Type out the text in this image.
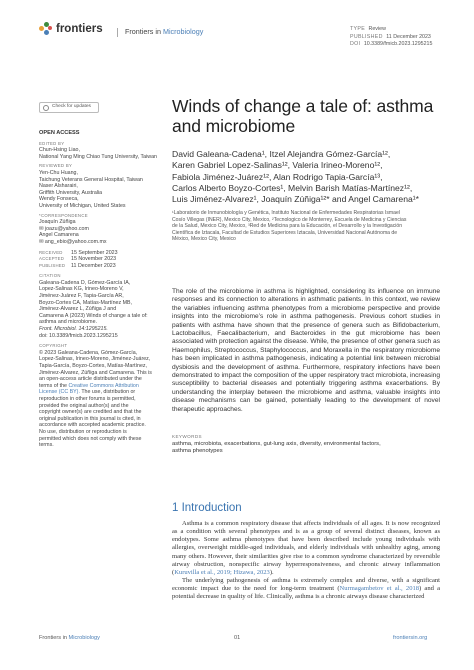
frontiers	Frontiers in Microbiology	TYPE Review
PUBLISHED 11 December 2023
DOI 10.3389/fmicb.2023.1295215
Check for updates
OPEN ACCESS
EDITED BY
Chun-Hsing Liao,
National Yang Ming Chiao Tung University, Taiwan
REVIEWED BY
Yen-Chu Huang,
Taichung Veterans General Hospital, Taiwan
Naser Alsharairi,
Griffith University, Australia
Wendy Fonseca,
University of Michigan, United States
*CORRESPONDENCE
Joaquín Zúñiga
✉ joazu@yahoo.com
Angel Camarena
✉ ang_ebio@yahoo.com.mx
RECEIVED	15 September 2023
ACCEPTED	15 November 2023
PUBLISHED	11 December 2023
CITATION
Galeana-Cadena D, Gómez-García IA,
Lopez-Salinas KG, Irineo-Moreno V,
Jiménez-Juárez F, Tapia-García AR,
Boyzo-Cortes CA, Matías-Martínez MB,
Jiménez-Alvarez L, Zúñiga J and
Camarena A (2023) Winds of change a tale of:
asthma and microbiome.
Front. Microbiol. 14:1295215.
doi: 10.3389/fmicb.2023.1295215
COPYRIGHT
© 2023 Galeana-Cadena, Gómez-García,
Lopez-Salinas, Irineo-Moreno, Jiménez-Juárez,
Tapia-García, Boyzo-Cortes, Matías-Martínez,
Jiménez-Alvarez, Zúñiga and Camarena. This is
an open-access article distributed under the
terms of the Creative Commons Attribution
License (CC BY). The use, distribution or
reproduction in other forums is permitted,
provided the original author(s) and the
copyright owner(s) are credited and that the
original publication in this journal is cited, in
accordance with accepted academic practice.
No use, distribution or reproduction is
permitted which does not comply with these
terms.
Winds of change a tale of: asthma
and microbiome
David Galeana-Cadena¹, Itzel Alejandra Gómez-García¹²,
Karen Gabriel Lopez-Salinas¹², Valeria Irineo-Moreno¹²,
Fabiola Jiménez-Juárez¹², Alan Rodrigo Tapia-García¹³,
Carlos Alberto Boyzo-Cortes¹, Melvin Barish Matías-Martínez¹²,
Luis Jiménez-Alvarez¹, Joaquín Zúñiga¹²* and Angel Camarena¹*
¹Laboratorio de Inmunobiología y Genética, Instituto Nacional de Enfermedades Respiratorias Ismael
Cosío Villegas (INER), Mexico City, Mexico, ²Tecnologico de Monterrey, Escuela de Medicina y Ciencias
de la Salud, Mexico City, Mexico, ³Red de Medicina para la Educación, el Desarrollo y la Investigación
Científica de Iztacala, Facultad de Estudios Superiores Iztacala, Universidad Nacional Autónoma de
México, Mexico City, Mexico
The role of the microbiome in asthma is highlighted, considering its influence on immune responses and its connection to alterations in asthmatic patients. In this context, we review the variables influencing asthma phenotypes from a microbiome perspective and provide insights into the microbiome’s role in asthma pathogenesis. Previous cohort studies in patients with asthma have shown that the presence of genera such as Bifidobacterium, Lactobacillus, Faecalibacterium, and Bacteroides in the gut microbiome has been associated with protection against the disease. While, the presence of other genera such as Haemophilus, Streptococcus, Staphylococcus, and Moraxella in the respiratory microbiome has been implicated in asthma pathogenesis, indicating a potential link between microbial dysbiosis and the development of asthma. Furthermore, respiratory infections have been demonstrated to impact the composition of the upper respiratory tract microbiota, increasing susceptibility to bacterial diseases and potentially triggering asthma exacerbations. By understanding the interplay between the microbiome and asthma, valuable insights into disease mechanisms can be gained, potentially leading to the development of novel therapeutic approaches.
KEYWORDS
asthma, microbiota, exacerbations, gut-lung axis, diversity, environmental factors,
asthma phenotypes
1 Introduction

Asthma is a common respiratory disease that affects individuals of all ages. It is now recognized as a condition with several phenotypes and is as a group of several distinct diseases, known as endotypes. Some asthma phenotypes that have been described include young individuals with allergies, overweight middle-aged individuals, and elderly individuals with unhealthy aging, among many others. However, their similarities give rise to a common syndrome characterized by reversible airway obstruction, nonspecific airway hyperresponsiveness, and chronic airway inflammation (Kuruvilla et al., 2019; Hizawa, 2023).

The underlying pathogenesis of asthma is extremely complex and diverse, with a significant economic impact due to the need for long-term treatment (Nurmagambetov et al., 2018) and a potential decrease in quality of life. Clinically, asthma is a chronic airways disease characterized

Frontiers in Microbiology	01	frontiersin.org
